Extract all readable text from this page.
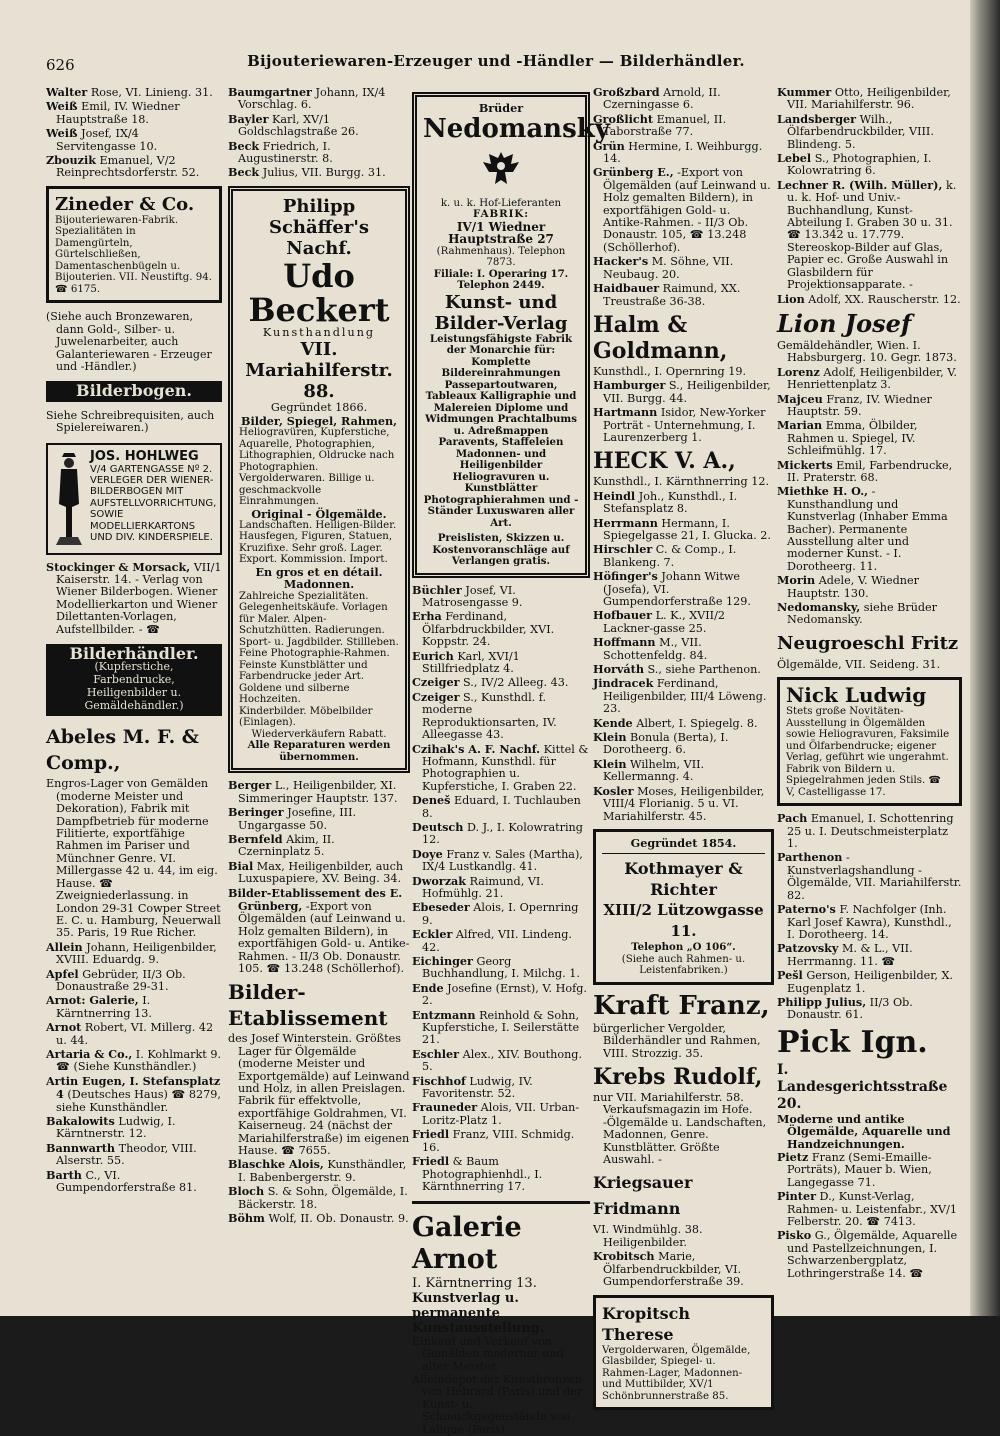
626	Bijouteriewaren-Erzeuger und -Händler — Bilderhändler.
Walter Rose, VI. Linieng. 31.
Weiß Emil, IV. Wiedner Hauptstraße 18.
Weiß Josef, IX/4 Servitengasse 10.
Zbouzik Emanuel, V/2 Reinprechtsdorferstr. 52.
Zineder & Co.
Bijouteriewaren-Fabrik. Spezialitäten in Damengürteln, Gürtelschließen, Damentaschenbügeln u. Bijouterien. VII. Neustiftg. 94. ☎ 6175.
(Siehe auch Bronzewaren, dann Gold-, Silber- u. Juwelenarbeiter, auch Galanteriewaren - Erzeuger und -Händler.)
Bilderbogen.
Siehe Schreibrequisiten, auch Spielereiwaren.)
JOS. HOHLWEG
V/4 GARTENGASSE Nº 2. VERLEGER DER WIENER-BILDERBOGEN MIT AUFSTELLVORRICHTUNG, SOWIE MODELLIERKARTONS UND DIV. KINDERSPIELE.
Stockinger & Morsack, VII/1 Kaiserstr. 14. - Verlag von Wiener Bilderbogen. Wiener Modellierkarton und Wiener Dilettanten-Vorlagen, Aufstellbilder. - ☎
Bilderhändler.
(Kupferstiche, Farbendrucke, Heiligenbilder u. Gemäldehändler.)
Abeles M. F. & Comp.,
Engros-Lager von Gemälden (moderne Meister und Dekoration), Fabrik mit Dampfbetrieb für moderne Filitierte, exportfähige Rahmen im Pariser und Münchner Genre. VI. Millergasse 42 u. 44, im eig. Hause. ☎ Zweigniederlassung. in London 29-31 Cowper Street E. C. u. Hamburg, Neuerwall 35. Paris, 19 Rue Richer.
Allein Johann, Heiligenbilder, XVIII. Eduardg. 9.
Apfel Gebrüder, II/3 Ob. Donaustraße 29-31.
Arnot: Galerie, I. Kärntnerring 13.
Arnot Robert, VI. Millerg. 42 u. 44.
Artaria & Co., I. Kohlmarkt 9. ☎ (Siehe Kunsthändler.)
Artin Eugen, I. Stefansplatz 4 (Deutsches Haus) ☎ 8279, siehe Kunsthändler.
Bakalowits Ludwig, I. Kärntnerstr. 12.
Bannwarth Theodor, VIII. Alserstr. 55.
Barth C., VI. Gumpendorferstraße 81.
Baumgartner Johann, IX/4 Vorschlag. 6.
Bayler Karl, XV/1 Goldschlagstraße 26.
Beck Friedrich, I. Augustinerstr. 8.
Beck Julius, VII. Burgg. 31.
Philipp Schäffer's Nachf.
Udo Beckert
Kunsthandlung
VII. Mariahilferstr. 88.
Gegründet 1866.
Bilder, Spiegel, Rahmen,
Heliogravüren, Kupferstiche, Aquarelle, Photographien, Lithographien, Oldrucke nach Photographien. Vergolderwaren. Billige u. geschmackvolle Einrahmungen.
Original - Ölgemälde.
Landschaften. Heiligen-Bilder. Hausfegen, Figuren, Statuen, Kruzifixe. Sehr groß. Lager. Export. Kommission. Import.
En gros et en détail.
Madonnen.
Zahlreiche Spezialitäten. Gelegenheitskäufe. Vorlagen für Maler. Alpen-Schutzhütten. Radierungen. Sport- u. Jagdbilder. Stillleben. Feine Photographie-Rahmen. Feinste Kunstblätter und Farbendrucke jeder Art. Goldene und silberne Hochzeiten.
Kinderbilder. Möbelbilder (Einlagen).
Wiederverkäufern Rabatt.
Alle Reparaturen werden übernommen.
Berger L., Heiligenbilder, XI. Simmeringer Hauptstr. 137.
Beringer Josefine, III. Ungargasse 50.
Bernfeld Akim, II. Czerninplatz 5.
Bial Max, Heiligenbilder, auch Luxuspapiere, XV. Being. 34.
Bilder-Etablissement des E. Grünberg, -Export von Ölgemälden (auf Leinwand u. Holz gemalten Bildern), in exportfähigen Gold- u. Antike-Rahmen. - II/3 Ob. Donaustr. 105. ☎ 13.248 (Schöllerhof).
Bilder-Etablissement
des Josef Winterstein. Größtes Lager für Ölgemälde (moderne Meister und Exportgemälde) auf Leinwand und Holz, in allen Preislagen. Fabrik für effektvolle, exportfähige Goldrahmen, VI. Kaiserneug. 24 (nächst der Mariahilferstraße) im eigenen Hause. ☎ 7655.
Blaschke Alois, Kunsthändler, I. Babenbergerstr. 9.
Bloch S. & Sohn, Ölgemälde, I. Bäckerstr. 18.
Böhm Wolf, II. Ob. Donaustr. 9.
Brüder
Nedomansky
k. u. k. Hof-Lieferanten
FABRIK:
IV/1 Wiedner Hauptstraße 27
(Rahmenhaus). Telephon 7873.
Filiale: I. Operaring 17.
Telephon 2449.
Kunst- und Bilder-Verlag
Leistungsfähigste Fabrik der Monarchie für:
Komplette Bildereinrahmungen Passepartoutwaren, Tableaux Kalligraphie und Malereien Diplome und Widmungen Prachtalbums u. Adreßmappen Paravents, Staffeleien Madonnen- und Heiligenbilder Heliogravuren u. Kunstblätter Photographierahmen und -Ständer Luxuswaren aller Art.
Preislisten, Skizzen u. Kostenvoranschläge auf Verlangen gratis.
Büchler Josef, VI. Matrosengasse 9.
Erha Ferdinand, Ölfarbdruckbilder, XVI. Koppstr. 24.
Eurich Karl, XVI/1 Stillfriedplatz 4.
Czeiger S., IV/2 Alleeg. 43.
Czeiger S., Kunsthdl. f. moderne Reproduktionsarten, IV. Alleegasse 43.
Czihak's A. F. Nachf. Kittel & Hofmann, Kunsthdl. für Photographien u. Kupferstiche, I. Graben 22.
Deneš Eduard, I. Tuchlauben 8.
Deutsch D. J., I. Kolowratring 12.
Doye Franz v. Sales (Martha), IX/4 Lustkandlg. 41.
Dworzak Raimund, VI. Hofmühlg. 21.
Ebeseder Alois, I. Opernring 9.
Eckler Alfred, VII. Lindeng. 42.
Eichinger Georg Buchhandlung, I. Milchg. 1.
Ende Josefine (Ernst), V. Hofg. 2.
Entzmann Reinhold & Sohn, Kupferstiche, I. Seilerstätte 21.
Eschler Alex., XIV. Bouthong. 5.
Fischhof Ludwig, IV. Favoritenstr. 52.
Frauneder Alois, VII. Urban-Loritz-Platz 1.
Friedl Franz, VIII. Schmidg. 16.
Friedl & Baum Photographienhdl., I. Kärnthnerring 17.
Galerie Arnot
I. Kärntnerring 13.
Kunstverlag u. permanente Kunstausstellung.
Einkauf und Verkauf von Gemälden moderner und alter Meister.
Alleindepot der Kunstbronzen von Hébrard (Paris) und der Kunst- u. Schmuckgegenstände von Lalique (Paris).
Großzbard Arnold, II. Czerningasse 6.
Großlicht Emanuel, II. Taborstraße 77.
Grün Hermine, I. Weihburgg. 14.
Grünberg E., -Export von Ölgemälden (auf Leinwand u. Holz gemalten Bildern), in exportfähigen Gold- u. Antike-Rahmen. - II/3 Ob. Donaustr. 105, ☎ 13.248 (Schöllerhof).
Hacker's M. Söhne, VII. Neubaug. 20.
Haidbauer Raimund, XX. Treustraße 36-38.
Halm & Goldmann,
Kunsthdl., I. Opernring 19.
Hamburger S., Heiligenbilder, VII. Burgg. 44.
Hartmann Isidor, New-Yorker Porträt - Unternehmung, I. Laurenzerberg 1.
HECK V. A.,
Kunsthdl., I. Kärnthnerring 12.
Heindl Joh., Kunsthdl., I. Stefansplatz 8.
Herrmann Hermann, I. Spiegelgasse 21, I. Glucka. 2.
Hirschler C. & Comp., I. Blankeng. 7.
Höfinger's Johann Witwe (Josefa), VI. Gumpendorferstraße 129.
Hofbauer L. K., XVII/2 Lackner-gasse 25.
Hoffmann M., VII. Schottenfeldg. 84.
Horváth S., siehe Parthenon.
Jindracek Ferdinand, Heiligenbilder, III/4 Löweng. 23.
Kende Albert, I. Spiegelg. 8.
Klein Bonula (Berta), I. Dorotheerg. 6.
Klein Wilhelm, VII. Kellermanng. 4.
Kosler Moses, Heiligenbilder, VIII/4 Florianig. 5 u. VI. Mariahilferstr. 45.
Gegründet 1854.
Kothmayer & Richter
XIII/2 Lützowgasse 11.
Telephon „O 106“.
(Siehe auch Rahmen- u. Leistenfabriken.)
Kraft Franz,
bürgerlicher Vergolder, Bilderhändler und Rahmen, VIII. Strozzig. 35.
Krebs Rudolf,
nur VII. Mariahilferstr. 58. Verkaufsmagazin im Hofe. -Ölgemälde u. Landschaften, Madonnen, Genre. Kunstblätter. Größte Auswahl. -
Kriegsauer Fridmann
VI. Windmühlg. 38. Heiligenbilder.
Krobitsch Marie, Ölfarbendruckbilder, VI. Gumpendorferstraße 39.
Kropitsch Therese
Vergolderwaren, Ölgemälde, Glasbilder, Spiegel- u. Rahmen-Lager, Madonnen- und Muttibilder, XV/1 Schönbrunnerstraße 85.
Kummer Otto, Heiligenbilder, VII. Mariahilferstr. 96.
Landsberger Wilh., Ölfarbendruckbilder, VIII. Blindeng. 5.
Lebel S., Photographien, I. Kolowratring 6.
Lechner R. (Wilh. Müller), k. u. k. Hof- und Univ.-Buchhandlung, Kunst-Abteilung I. Graben 30 u. 31. ☎ 13.342 u. 17.779. Stereoskop-Bilder auf Glas, Papier ec. Große Auswahl in Glasbildern für Projektionsapparate. -
Lion Adolf, XX. Rauscherstr. 12.
Lion Josef
Gemäldehändler, Wien. I. Habsburgerg. 10. Gegr. 1873.
Lorenz Adolf, Heiligenbilder, V. Henriettenplatz 3.
Majceu Franz, IV. Wiedner Hauptstr. 59.
Marian Emma, Ölbilder, Rahmen u. Spiegel, IV. Schleifmühlg. 17.
Mickerts Emil, Farbendrucke, II. Praterstr. 68.
Miethke H. O., - Kunsthandlung und Kunstverlag (Inhaber Emma Bacher). Permanente Ausstellung alter und moderner Kunst. - I. Dorotheerg. 11.
Morin Adele, V. Wiedner Hauptstr. 130.
Nedomansky, siehe Brüder Nedomansky.
Neugroeschl Fritz
Ölgemälde, VII. Seideng. 31.
Nick Ludwig
Stets große Novitäten-Ausstellung in Ölgemälden sowie Heliogravuren, Faksimile und Ölfarbendrucke; eigener Verlag, geführt wie ungerahmt. Fabrik von Bildern u. Spiegelrahmen jeden Stils. ☎ V, Castelligasse 17.
Pach Emanuel, I. Schottenring 25 u. I. Deutschmeisterplatz 1.
Parthenon - Kunstverlagshandlung - Ölgemälde, VII. Mariahilferstr. 82.
Paterno's F. Nachfolger (Inh. Karl Josef Kawra), Kunsthdl., I. Dorotheerg. 14.
Patzovsky M. & L., VII. Herrmanng. 11. ☎
Pešl Gerson, Heiligenbilder, X. Eugenplatz 1.
Philipp Julius, II/3 Ob. Donaustr. 61.
Pick Ign.
I. Landesgerichtsstraße 20.
Moderne und antike Ölgemälde, Aquarelle und Handzeichnungen.
Pietz Franz (Semi-Emaille-Porträts), Mauer b. Wien, Langegasse 71.
Pinter D., Kunst-Verlag, Rahmen- u. Leistenfabr., XV/1 Felberstr. 20. ☎ 7413.
Pisko G., Ölgemälde, Aquarelle und Pastellzeichnungen, I. Schwarzenbergplatz, Lothringerstraße 14. ☎
